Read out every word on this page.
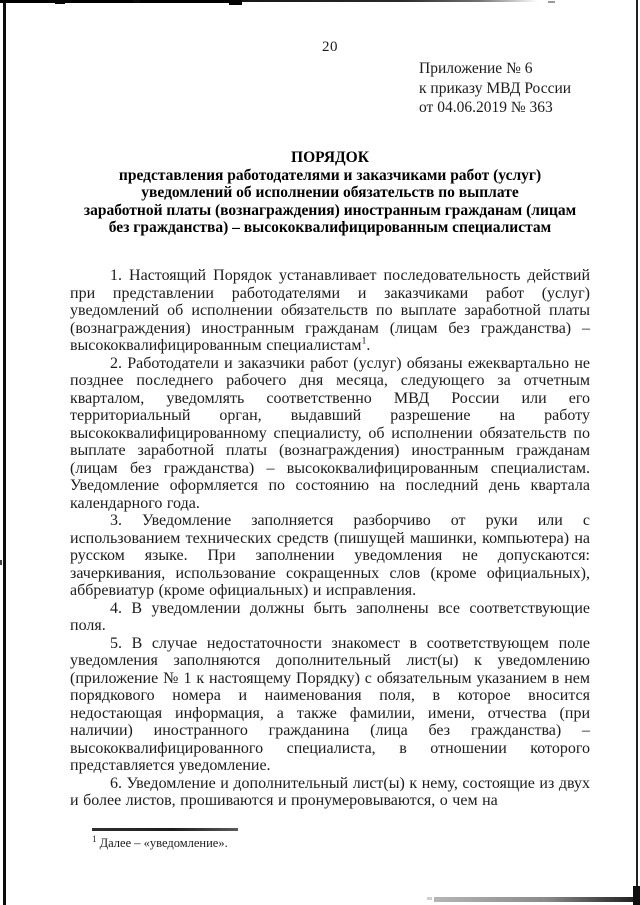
20
Приложение № 6
к приказу МВД России
от 04.06.2019 № 363
ПОРЯДОК
представления работодателями и заказчиками работ (услуг)
уведомлений об исполнении обязательств по выплате
заработной платы (вознаграждения) иностранным гражданам (лицам
без гражданства) – высококвалифицированным специалистам

1. Настоящий Порядок устанавливает последовательность действий при представлении работодателями и заказчиками работ (услуг) уведомлений об исполнении обязательств по выплате заработной платы (вознаграждения) иностранным гражданам (лицам без гражданства) – высококвалифицированным специалистам$^1$.

2. Работодатели и заказчики работ (услуг) обязаны ежеквартально не позднее последнего рабочего дня месяца, следующего за отчетным кварталом, уведомлять соответственно МВД России или его территориальный орган, выдавший разрешение на работу высококвалифицированному специалисту, об исполнении обязательств по выплате заработной платы (вознаграждения) иностранным гражданам (лицам без гражданства) – высококвалифицированным специалистам. Уведомление оформляется по состоянию на последний день квартала календарного года.

3. Уведомление заполняется разборчиво от руки или с использованием технических средств (пишущей машинки, компьютера) на русском языке. При заполнении уведомления не допускаются: зачеркивания, использование сокращенных слов (кроме официальных), аббревиатур (кроме официальных) и исправления.

4. В уведомлении должны быть заполнены все соответствующие поля.

5. В случае недостаточности знакомест в соответствующем поле уведомления заполняются дополнительный лист(ы) к уведомлению (приложение № 1 к настоящему Порядку) с обязательным указанием в нем порядкового номера и наименования поля, в которое вносится недостающая информация, а также фамилии, имени, отчества (при наличии) иностранного гражданина (лица без гражданства) – высококвалифицированного специалиста, в отношении которого представляется уведомление.

6. Уведомление и дополнительный лист(ы) к нему, состоящие из двух и более листов, прошиваются и пронумеровываются, о чем на

$^1$ Далее – «уведомление».
